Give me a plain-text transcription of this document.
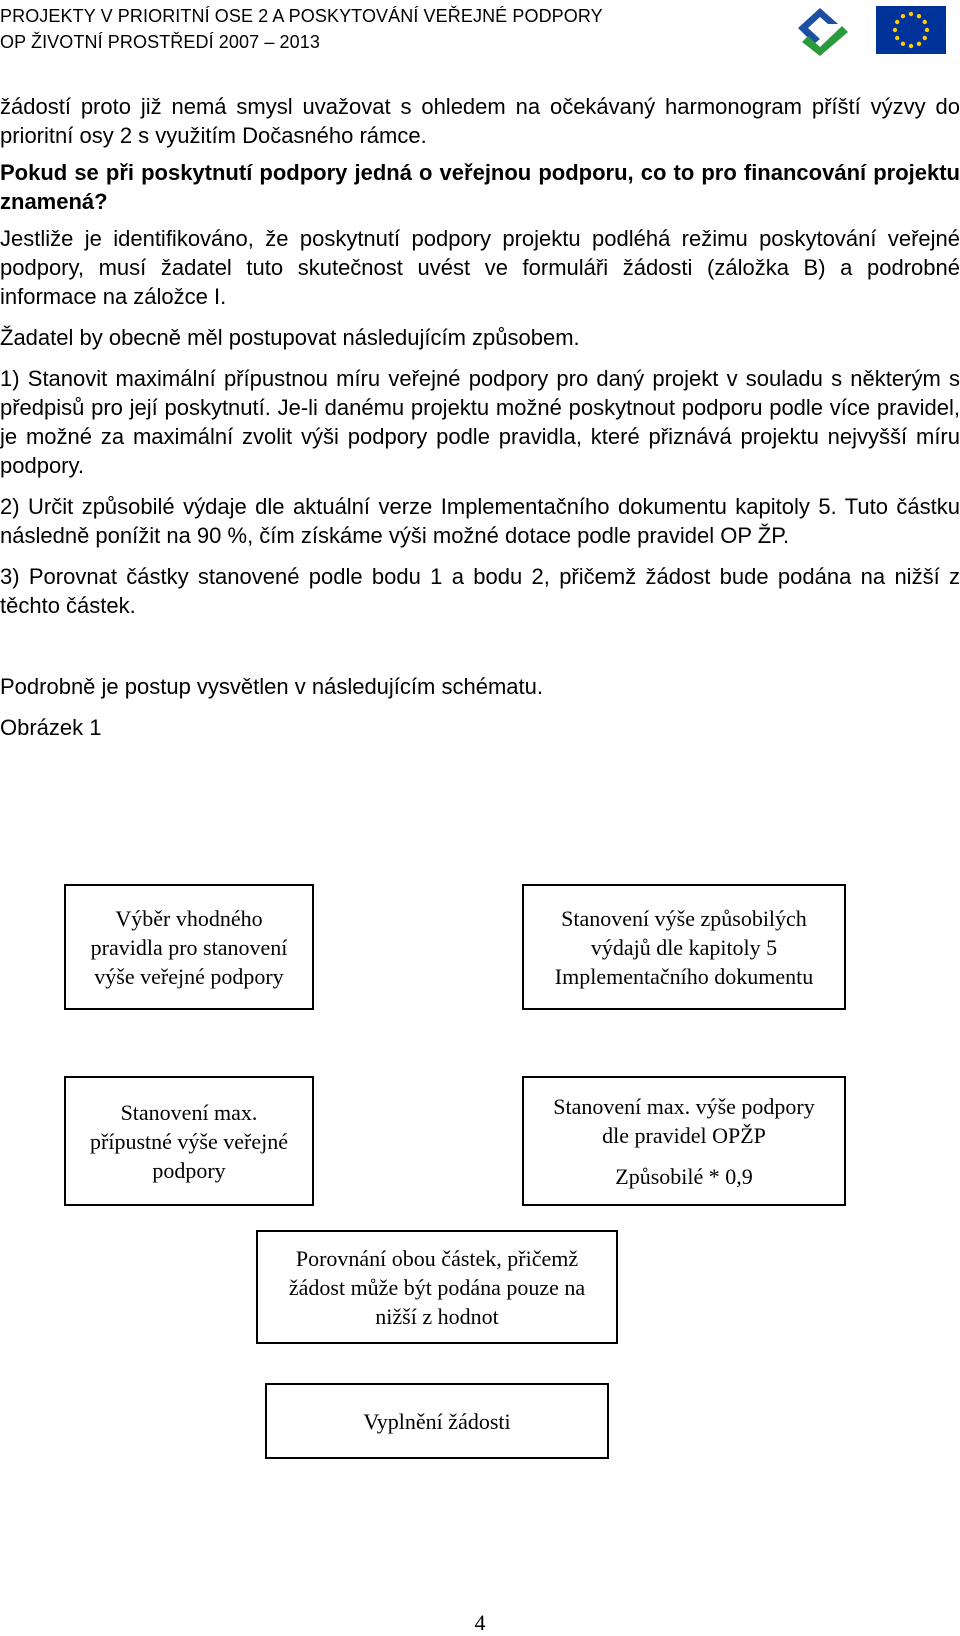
PROJEKTY V PRIORITNÍ OSE 2 A POSKYTOVÁNÍ VEŘEJNÉ PODPORY
OP ŽIVOTNÍ PROSTŘEDÍ 2007 – 2013

žádostí proto již nemá smysl uvažovat s ohledem na očekávaný harmonogram příští výzvy do prioritní osy 2 s využitím Dočasného rámce.

Pokud se při poskytnutí podpory jedná o veřejnou podporu, co to pro financování projektu znamená?

Jestliže je identifikováno, že poskytnutí podpory projektu podléhá režimu poskytování veřejné podpory, musí žadatel tuto skutečnost uvést ve formuláři žádosti (záložka B) a podrobné informace na záložce I.

Žadatel by obecně měl postupovat následujícím způsobem.

1) Stanovit maximální přípustnou míru veřejné podpory pro daný projekt v souladu s některým s předpisů pro její poskytnutí. Je-li danému projektu možné poskytnout podporu podle více pravidel, je možné za maximální zvolit výši podpory podle pravidla, které přiznává projektu nejvyšší míru podpory.

2) Určit způsobilé výdaje dle aktuální verze Implementačního dokumentu kapitoly 5. Tuto částku následně ponížit na 90 %, čím získáme výši možné dotace podle pravidel OP ŽP.

3) Porovnat částky stanovené podle bodu 1 a bodu 2, přičemž žádost bude podána na nižší z těchto částek.

Podrobně je postup vysvětlen v následujícím schématu.

Obrázek 1

Výběr vhodného pravidla pro stanovení výše veřejné podpory
Stanovení výše způsobilých výdajů dle kapitoly 5 Implementačního dokumentu
Stanovení max. přípustné výše veřejné podpory
Stanovení max. výše podpory dle pravidel OPŽP
Způsobilé * 0,9
Porovnání obou částek, přičemž žádost může být podána pouze na nižší z hodnot
Vyplnění žádosti
4
